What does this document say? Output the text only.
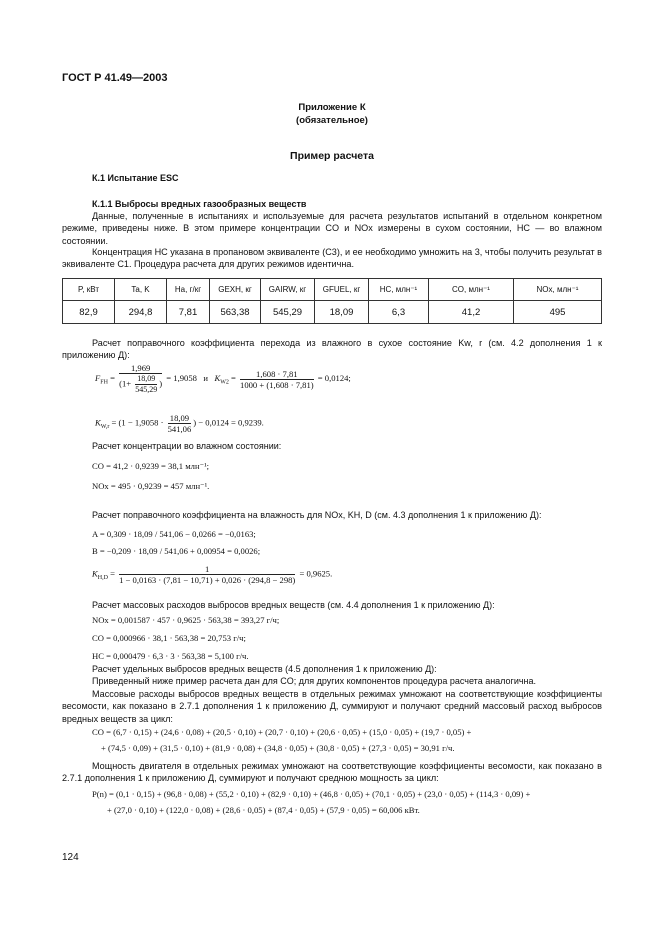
ГОСТ Р 41.49—2003
Приложение К
(обязательное)
Пример расчета
К.1 Испытание ESC
К.1.1 Выбросы вредных газообразных веществ
Данные, полученные в испытаниях и используемые для расчета результатов испытаний в отдельном конкретном режиме, приведены ниже. В этом примере концентрации CO и NOx измерены в сухом состоянии, HC — во влажном состоянии.
Концентрация HC указана в пропановом эквиваленте (C3), и ее необходимо умножить на 3, чтобы получить результат в эквиваленте C1. Процедура расчета для других режимов идентична.
P, кВт	Ta, K	Ha, г/кг	GEXH, кг	GAIRW, кг	GFUEL, кг	HC, млн⁻¹	CO, млн⁻¹	NOx, млн⁻¹
82,9	294,8	7,81	563,38	545,29	18,09	6,3	41,2	495
Расчет поправочного коэффициента перехода из влажного в сухое состояние Kw, r (см. 4.2 дополнения 1 к приложению Д):
$F_{FH} = \frac{1,969}{(1+ \frac{18,09}{545,29} )} = 1,9058$ и $K_{W2} = \frac{1,608 \cdot 7,81}{1000 + (1,608 \cdot 7,81)} = 0,0124$;
$K_{W,r} = (1 - 1,9058 \cdot \frac{18,09}{541,06}$ ) − 0,0124 = 0,9239.
Расчет концентрации во влажном состоянии:
CO = 41,2 · 0,9239 = 38,1 млн⁻¹;
NOx = 495 · 0,9239 = 457 млн⁻¹.
Расчет поправочного коэффициента на влажность для NOx, KH, D (см. 4.3 дополнения 1 к приложению Д):
A = 0,309 · 18,09 / 541,06 − 0,0266 = −0,0163;
B = −0,209 · 18,09 / 541,06 + 0,00954 = 0,0026;
$K_{H,D} = \frac{1}{1 - 0,0163 \cdot (7,81 - 10,71) + 0,026 \cdot (294,8 - 298)} = 0,9625$.
Расчет массовых расходов выбросов вредных веществ (см. 4.4 дополнения 1 к приложению Д):
NOx = 0,001587 · 457 · 0,9625 · 563,38 = 393,27 г/ч;
CO = 0,000966 · 38,1 · 563,38 = 20,753 г/ч;
HC = 0,000479 · 6,3 · 3 · 563,38 = 5,100 г/ч.
Расчет удельных выбросов вредных веществ (4.5 дополнения 1 к приложению Д):
Приведенный ниже пример расчета дан для CO; для других компонентов процедура расчета аналогична.
Массовые расходы выбросов вредных веществ в отдельных режимах умножают на соответствующие коэффициенты весомости, как показано в 2.7.1 дополнения 1 к приложению Д, суммируют и получают средний массовый расход выбросов вредных веществ за цикл:
CO = (6,7 · 0,15) + (24,6 · 0,08) + (20,5 · 0,10) + (20,7 · 0,10) + (20,6 · 0,05) + (15,0 · 0,05) + (19,7 · 0,05) +
+ (74,5 · 0,09) + (31,5 · 0,10) + (81,9 · 0,08) + (34,8 · 0,05) + (30,8 · 0,05) + (27,3 · 0,05) = 30,91 г/ч.
Мощность двигателя в отдельных режимах умножают на соответствующие коэффициенты весомости, как показано в 2.7.1 дополнения 1 к приложению Д, суммируют и получают среднюю мощность за цикл:
P(n) = (0,1 · 0,15) + (96,8 · 0,08) + (55,2 · 0,10) + (82,9 · 0,10) + (46,8 · 0,05) + (70,1 · 0,05) + (23,0 · 0,05) + (114,3 · 0,09) +
+ (27,0 · 0,10) + (122,0 · 0,08) + (28,6 · 0,05) + (87,4 · 0,05) + (57,9 · 0,05) = 60,006 кВт.
124
